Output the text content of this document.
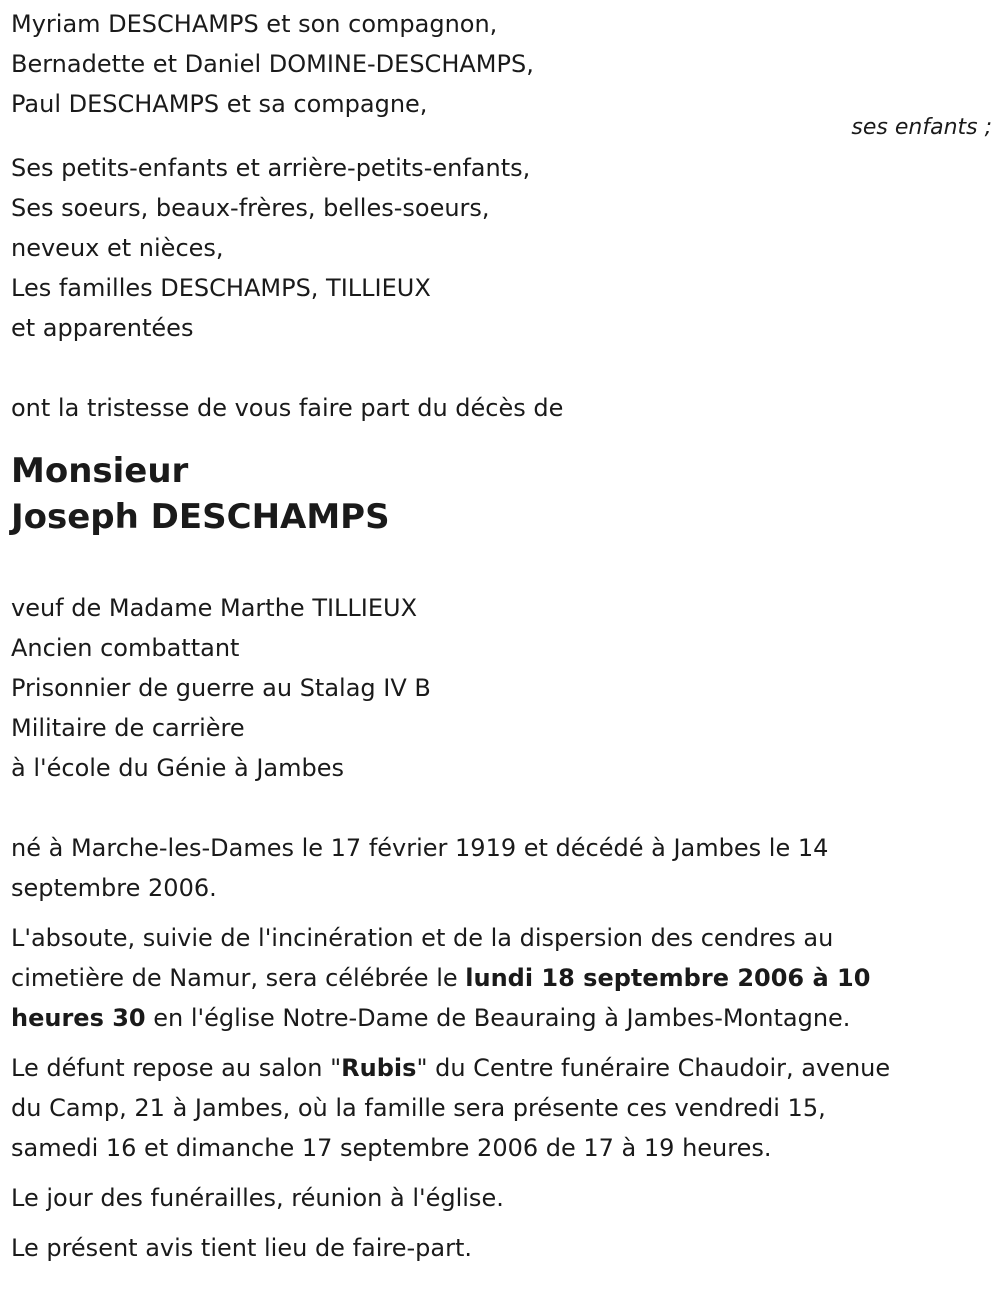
Myriam DESCHAMPS et son compagnon,
Bernadette et Daniel DOMINE-DESCHAMPS,
Paul DESCHAMPS et sa compagne,
Ses petits-enfants et arrière-petits-enfants,
Ses soeurs, beaux-frères, belles-soeurs,
neveux et nièces,
Les familles DESCHAMPS, TILLIEUX
et apparentées
ont la tristesse de vous faire part du décès de
Monsieur
Joseph DESCHAMPS
veuf de Madame Marthe TILLIEUX
Ancien combattant
Prisonnier de guerre au Stalag IV B
Militaire de carrière
à l'école du Génie à Jambes
né à Marche-les-Dames le 17 février 1919 et décédé à Jambes le 14
septembre 2006.
L'absoute, suivie de l'incinération et de la dispersion des cendres au
cimetière de Namur, sera célébrée le lundi 18 septembre 2006 à 10
heures 30 en l'église Notre-Dame de Beauraing à Jambes-Montagne.
Le défunt repose au salon "Rubis" du Centre funéraire Chaudoir, avenue
du Camp, 21 à Jambes, où la famille sera présente ces vendredi 15,
samedi 16 et dimanche 17 septembre 2006 de 17 à 19 heures.
Le jour des funérailles, réunion à l'église.
Le présent avis tient lieu de faire-part.
ses enfants ;
